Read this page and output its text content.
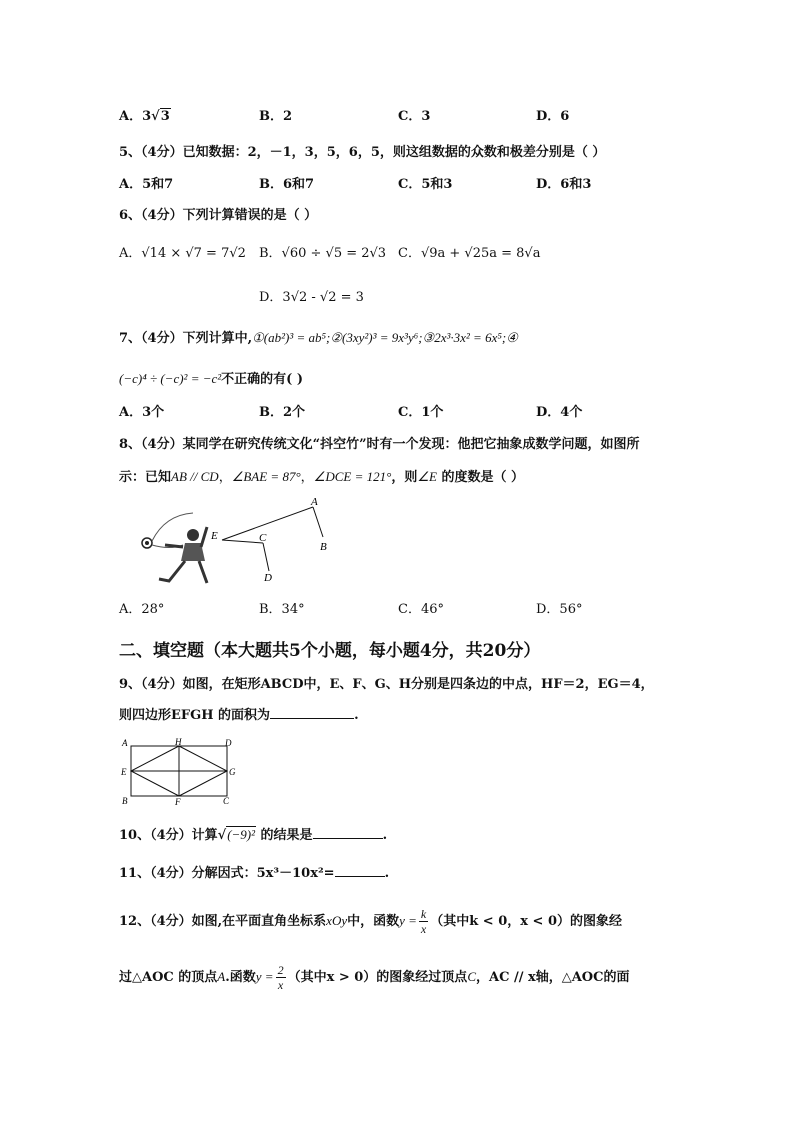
A．3√3	B．2	C．3	D．6
5、（4分）已知数据：2，－1，3，5，6，5，则这组数据的众数和极差分别是（ ）
A．5和7	B．6和7	C．5和3	D．6和3
6、（4分）下列计算错误的是（ ）
A．√14 × √7 = 7√2 B．√60 ÷ √5 = 2√3 C．√9a + √25a = 8√a
D．3√2 - √2 = 3
7、（4分）下列计算中,①(ab²)³ = ab⁵;②(3xy²)³ = 9x³y⁶;③2x³·3x² = 6x⁵;④
(−c)⁴ ÷ (−c)² = −c²不正确的有( )
A．3个	B．2个	C．1个	D．4个
8、（4分）某同学在研究传统文化“抖空竹”时有一个发现：他把它抽象成数学问题，如图所
示：已知AB // CD，∠BAE = 87°，∠DCE = 121°，则∠E 的度数是（ ）
A
B
C
D
E
A．28°	B．34°	C．46°	D．56°
二、填空题（本大题共5个小题，每小题4分，共20分）
9、（4分）如图，在矩形ABCD中，E、F、G、H分别是四条边的中点，HF＝2，EG＝4，
则四边形EFGH 的面积为	.
A	H	D
E	G
B	F	C
10、（4分）计算√(−9)² 的结果是	.
11、（4分）分解因式：5x³－10x²=	.
12、（4分）如图,在平面直角坐标系xOy中，函数$y = \frac{k}{x}$ （其中k < 0，x < 0）的图象经
过△AOC 的顶点A.函数$y = \frac{2}{x}$ （其中x > 0）的图象经过顶点C，AC // x轴，△AOC的面
